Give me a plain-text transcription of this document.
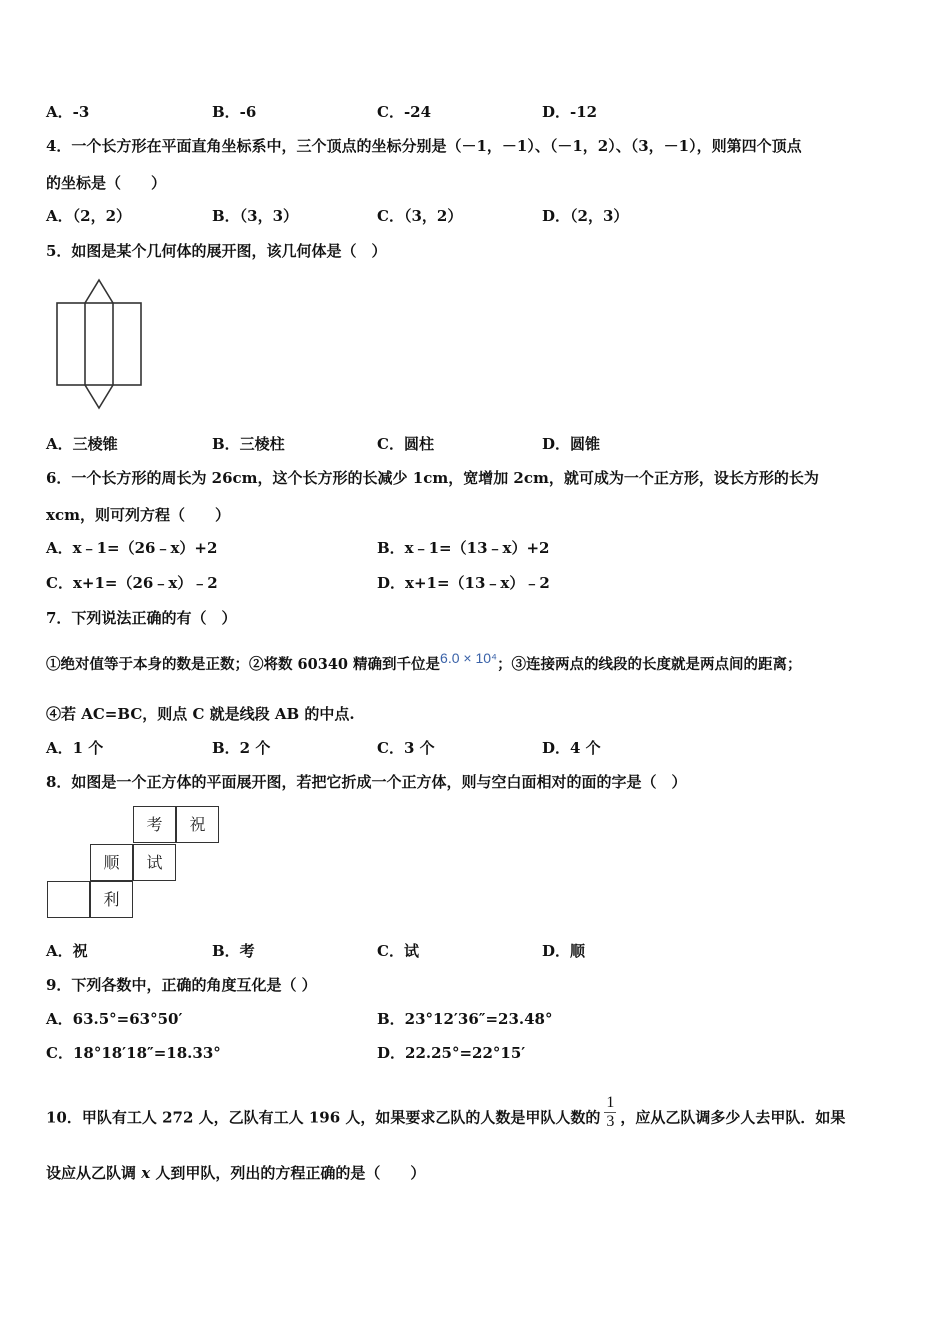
A．-3	B．-6	C．-24	D．-12
4．一个长方形在平面直角坐标系中，三个顶点的坐标分别是（－1，－1）、（－1，2）、（3，－1），则第四个顶点
的坐标是（　　）
A．（2，2）	B．（3，3）	C．（3，2）	D．（2，3）
5．如图是某个几何体的展开图，该几何体是（　）
A．三棱锥	B．三棱柱	C．圆柱	D．圆锥
6．一个长方形的周长为 26cm，这个长方形的长减少 1cm，宽增加 2cm，就可成为一个正方形，设长方形的长为
xcm，则可列方程（　　）
A．x﹣1=（26﹣x）+2	B．x﹣1=（13﹣x）+2
C．x+1=（26﹣x）﹣2	D．x+1=（13﹣x）﹣2
7．下列说法正确的有（　）
①绝对值等于本身的数是正数；②将数 60340 精确到千位是6.0 × 10⁴；③连接两点的线段的长度就是两点间的距离；
④若 AC=BC，则点 C 就是线段 AB 的中点.
A．1 个	B．2 个	C．3 个	D．4 个
8．如图是一个正方体的平面展开图，若把它折成一个正方体，则与空白面相对的面的字是（　）
考	祝
顺	试
利
A．祝	B．考	C．试	D．顺
9．下列各数中，正确的角度互化是（ ）
A．63.5°=63°50′	B．23°12′36″=23.48°
C．18°18′18″=18.33°	D．22.25°=22°15′
10．甲队有工人 272 人，乙队有工人 196 人，如果要求乙队的人数是甲队人数的 $\frac{1}{3}$ ，应从乙队调多少人去甲队．如果
设应从乙队调 x 人到甲队，列出的方程正确的是（　　）
